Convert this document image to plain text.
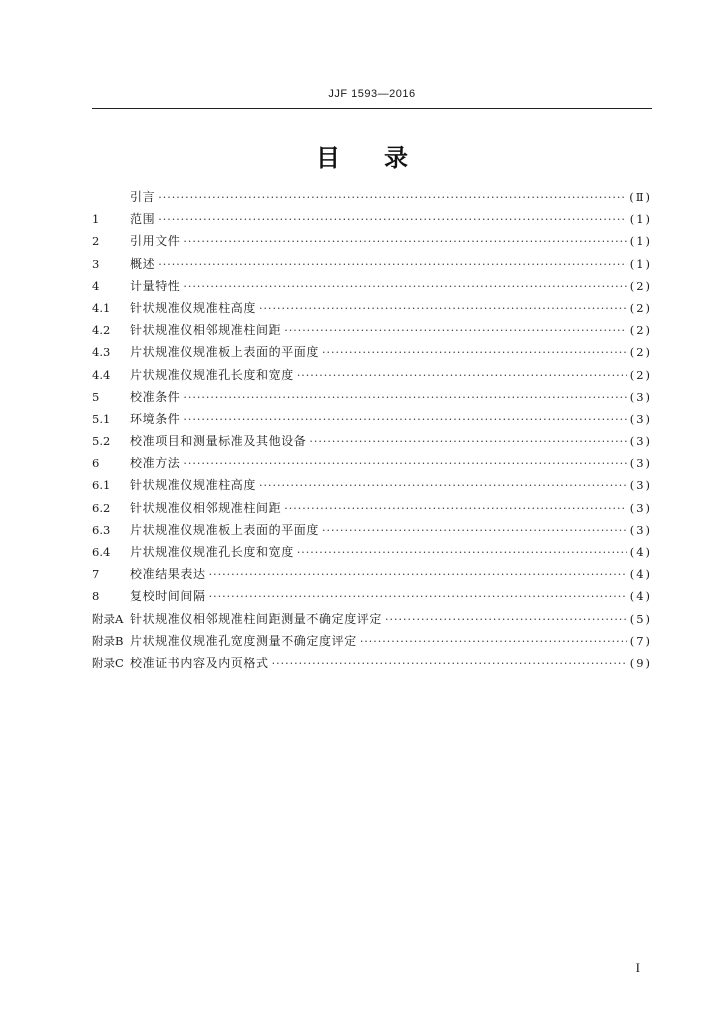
JJF 1593—2016
目录
引言 ·····	(Ⅱ)
1	范围 ·····	(1)
2	引用文件 ·····	(1)
3	概述 ·····	(1)
4	计量特性 ·····	(2)
4.1	针状规准仪规准柱高度 ·····	(2)
4.2	针状规准仪相邻规准柱间距 ·····	(2)
4.3	片状规准仪规准板上表面的平面度 ·····	(2)
4.4	片状规准仪规准孔长度和宽度 ·····	(2)
5	校准条件 ·····	(3)
5.1	环境条件 ·····	(3)
5.2	校准项目和测量标准及其他设备 ·····	(3)
6	校准方法 ·····	(3)
6.1	针状规准仪规准柱高度 ·····	(3)
6.2	针状规准仪相邻规准柱间距 ·····	(3)
6.3	片状规准仪规准板上表面的平面度 ·····	(3)
6.4	片状规准仪规准孔长度和宽度 ·····	(4)
7	校准结果表达 ·····	(4)
8	复校时间间隔 ·····	(4)
附录A 针状规准仪相邻规准柱间距测量不确定度评定 ·····	(5)
附录B 片状规准仪规准孔宽度测量不确定度评定 ·····	(7)
附录C 校准证书内容及内页格式 ·····	(9)
I
